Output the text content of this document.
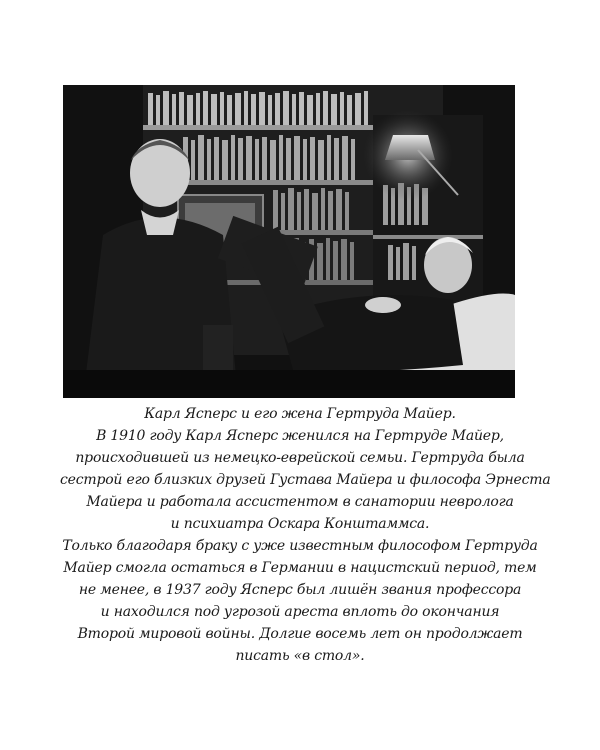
Карл Ясперс и его жена Гертруда Майер.
В 1910 году Карл Ясперс женился на Гертруде Майер,
происходившей из немецко-еврейской семьи. Гертруда была
сестрой его близких друзей Густава Майера и философа Эрнеста
Майера и работала ассистентом в санатории невролога
и психиатра Оскара Конштаммса.
Только благодаря браку с уже известным философом Гертруда
Майер смогла остаться в Германии в нацистский период, тем
не менее, в 1937 году Ясперс был лишён звания профессора
и находился под угрозой ареста вплоть до окончания
Второй мировой войны. Долгие восемь лет он продолжает
писать «в стол».
